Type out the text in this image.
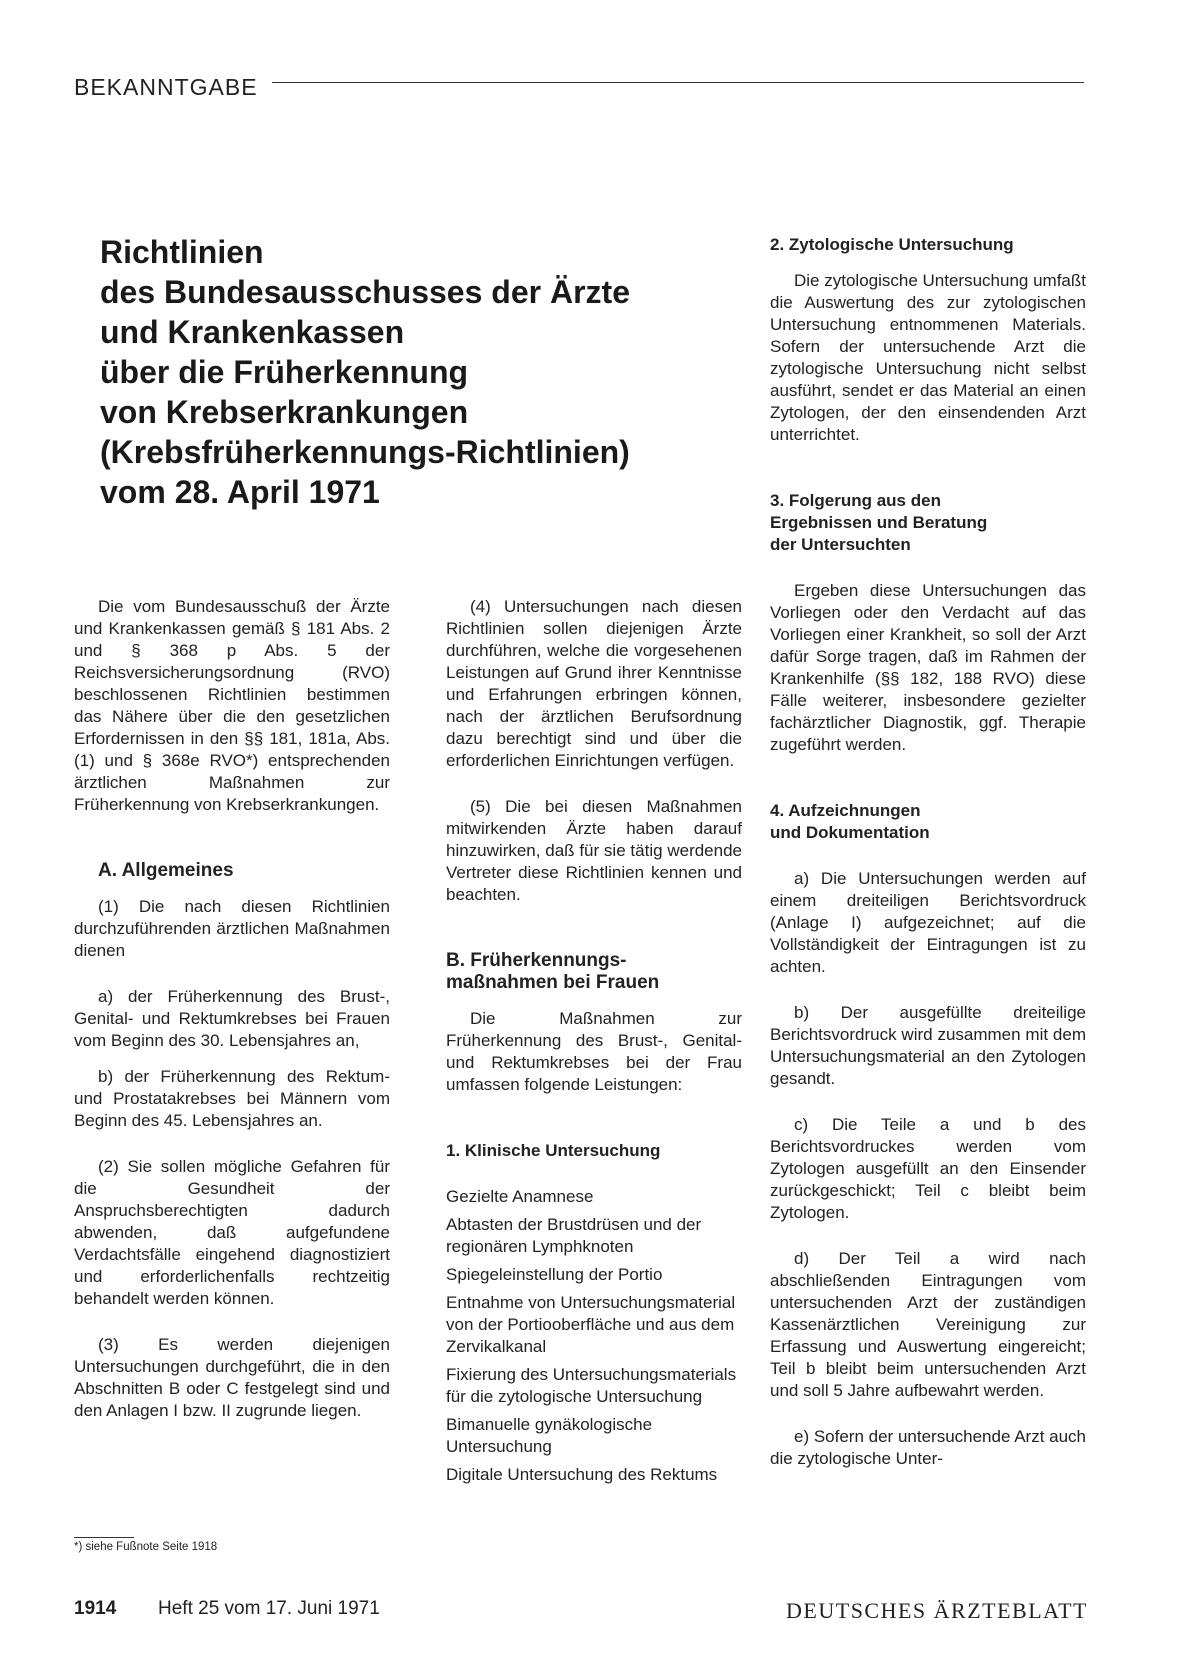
BEKANNTGABE
Richtlinien
des Bundesausschusses der Ärzte
und Krankenkassen
über die Früherkennung
von Krebserkrankungen
(Krebsfrüherkennungs-Richtlinien)
vom 28. April 1971

Die vom Bundesausschuß der Ärzte und Krankenkassen gemäß § 181 Abs. 2 und § 368 p Abs. 5 der Reichsversicherungsordnung (RVO) beschlossenen Richtlinien bestimmen das Nähere über die den gesetzlichen Erfordernissen in den §§ 181, 181a, Abs. (1) und § 368e RVO*) entsprechenden ärztlichen Maßnahmen zur Früherkennung von Krebserkrankungen.

A. Allgemeines

(1) Die nach diesen Richtlinien durchzuführenden ärztlichen Maßnahmen dienen

a) der Früherkennung des Brust-, Genital- und Rektumkrebses bei Frauen vom Beginn des 30. Lebensjahres an,

b) der Früherkennung des Rektum- und Prostatakrebses bei Männern vom Beginn des 45. Lebensjahres an.

(2) Sie sollen mögliche Gefahren für die Gesundheit der Anspruchsberechtigten dadurch abwenden, daß aufgefundene Verdachtsfälle eingehend diagnostiziert und erforderlichenfalls rechtzeitig behandelt werden können.

(3) Es werden diejenigen Untersuchungen durchgeführt, die in den Abschnitten B oder C festgelegt sind und den Anlagen I bzw. II zugrunde liegen.

(4) Untersuchungen nach diesen Richtlinien sollen diejenigen Ärzte durchführen, welche die vorgesehenen Leistungen auf Grund ihrer Kenntnisse und Erfahrungen erbringen können, nach der ärztlichen Berufsordnung dazu berechtigt sind und über die erforderlichen Einrichtungen verfügen.

(5) Die bei diesen Maßnahmen mitwirkenden Ärzte haben darauf hinzuwirken, daß für sie tätig werdende Vertreter diese Richtlinien kennen und beachten.

B. Früherkennungs-
maßnahmen bei Frauen

Die Maßnahmen zur Früherkennung des Brust-, Genital- und Rektumkrebses bei der Frau umfassen folgende Leistungen:

1. Klinische Untersuchung

Gezielte Anamnese

Abtasten der Brustdrüsen und der regionären Lymphknoten

Spiegeleinstellung der Portio

Entnahme von Untersuchungsmaterial von der Portiooberfläche und aus dem Zervikalkanal

Fixierung des Untersuchungsmaterials für die zytologische Untersuchung

Bimanuelle gynäkologische Untersuchung

Digitale Untersuchung des Rektums

2. Zytologische Untersuchung

Die zytologische Untersuchung umfaßt die Auswertung des zur zytologischen Untersuchung entnommenen Materials. Sofern der untersuchende Arzt die zytologische Untersuchung nicht selbst ausführt, sendet er das Material an einen Zytologen, der den einsendenden Arzt unterrichtet.

3. Folgerung aus den
Ergebnissen und Beratung
der Untersuchten

Ergeben diese Untersuchungen das Vorliegen oder den Verdacht auf das Vorliegen einer Krankheit, so soll der Arzt dafür Sorge tragen, daß im Rahmen der Krankenhilfe (§§ 182, 188 RVO) diese Fälle weiterer, insbesondere gezielter fachärztlicher Diagnostik, ggf. Therapie zugeführt werden.

4. Aufzeichnungen
und Dokumentation

a) Die Untersuchungen werden auf einem dreiteiligen Berichtsvordruck (Anlage I) aufgezeichnet; auf die Vollständigkeit der Eintragungen ist zu achten.

b) Der ausgefüllte dreiteilige Berichtsvordruck wird zusammen mit dem Untersuchungsmaterial an den Zytologen gesandt.

c) Die Teile a und b des Berichtsvordruckes werden vom Zytologen ausgefüllt an den Einsender zurückgeschickt; Teil c bleibt beim Zytologen.

d) Der Teil a wird nach abschließenden Eintragungen vom untersuchenden Arzt der zuständigen Kassenärztlichen Vereinigung zur Erfassung und Auswertung eingereicht; Teil b bleibt beim untersuchenden Arzt und soll 5 Jahre aufbewahrt werden.

e) Sofern der untersuchende Arzt auch die zytologische Unter-

*) siehe Fußnote Seite 1918
1914 Heft 25 vom 17. Juni 1971	DEUTSCHES ÄRZTEBLATT
